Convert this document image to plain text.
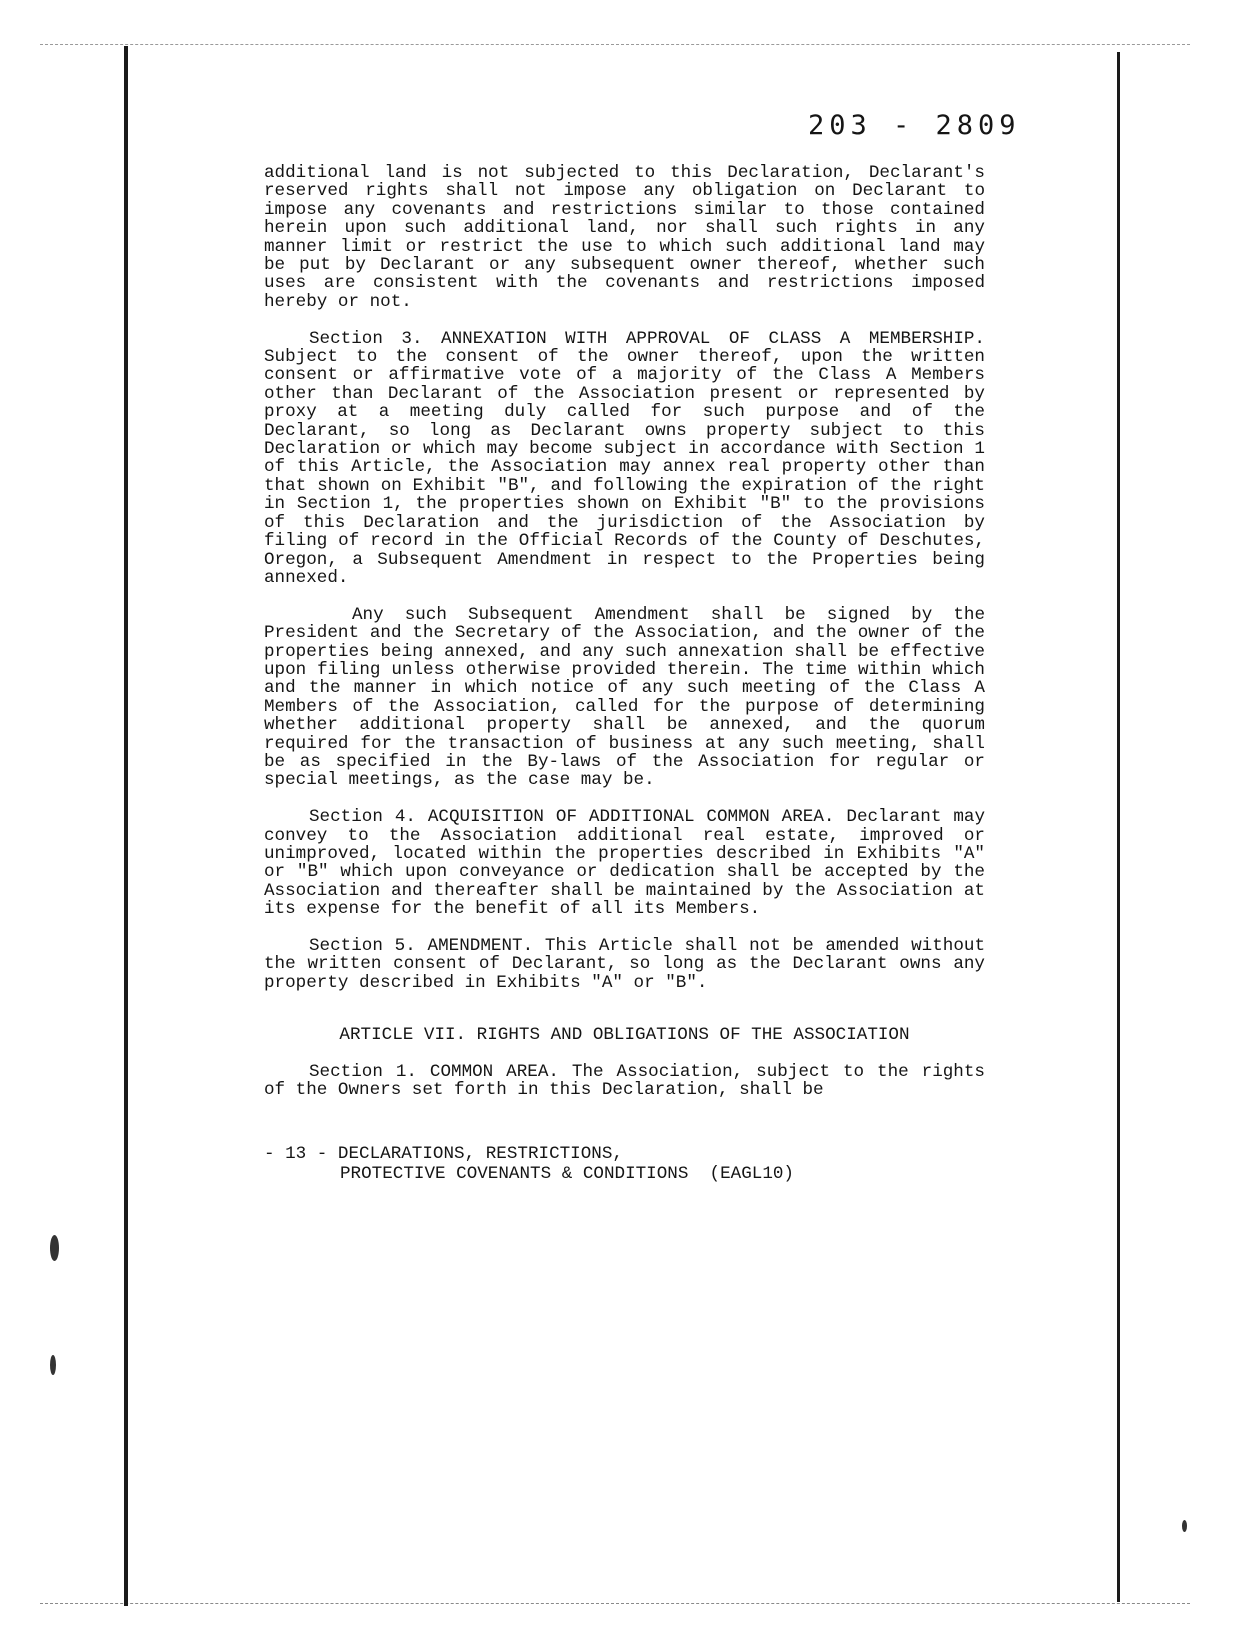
203 - 2809

additional land is not subjected to this Declaration, Declarant's reserved rights shall not impose any obligation on Declarant to impose any covenants and restrictions similar to those contained herein upon such additional land, nor shall such rights in any manner limit or restrict the use to which such additional land may be put by Declarant or any subsequent owner thereof, whether such uses are consistent with the covenants and restrictions imposed hereby or not.

Section 3. ANNEXATION WITH APPROVAL OF CLASS A MEMBERSHIP. Subject to the consent of the owner thereof, upon the written consent or affirmative vote of a majority of the Class A Members other than Declarant of the Association present or represented by proxy at a meeting duly called for such purpose and of the Declarant, so long as Declarant owns property subject to this Declaration or which may become subject in accordance with Section 1 of this Article, the Association may annex real property other than that shown on Exhibit "B", and following the expiration of the right in Section 1, the properties shown on Exhibit "B" to the provisions of this Declaration and the jurisdiction of the Association by filing of record in the Official Records of the County of Deschutes, Oregon, a Subsequent Amendment in respect to the Properties being annexed.

Any such Subsequent Amendment shall be signed by the President and the Secretary of the Association, and the owner of the properties being annexed, and any such annexation shall be effective upon filing unless otherwise provided therein. The time within which and the manner in which notice of any such meeting of the Class A Members of the Association, called for the purpose of determining whether additional property shall be annexed, and the quorum required for the transaction of business at any such meeting, shall be as specified in the By-laws of the Association for regular or special meetings, as the case may be.

Section 4. ACQUISITION OF ADDITIONAL COMMON AREA. Declarant may convey to the Association additional real estate, improved or unimproved, located within the properties described in Exhibits "A" or "B" which upon conveyance or dedication shall be accepted by the Association and thereafter shall be maintained by the Association at its expense for the benefit of all its Members.

Section 5. AMENDMENT. This Article shall not be amended without the written consent of Declarant, so long as the Declarant owns any property described in Exhibits "A" or "B".

ARTICLE VII. RIGHTS AND OBLIGATIONS OF THE ASSOCIATION

Section 1. COMMON AREA. The Association, subject to the rights of the Owners set forth in this Declaration, shall be

- 13 - DECLARATIONS, RESTRICTIONS,
PROTECTIVE COVENANTS & CONDITIONS  (EAGL10)
